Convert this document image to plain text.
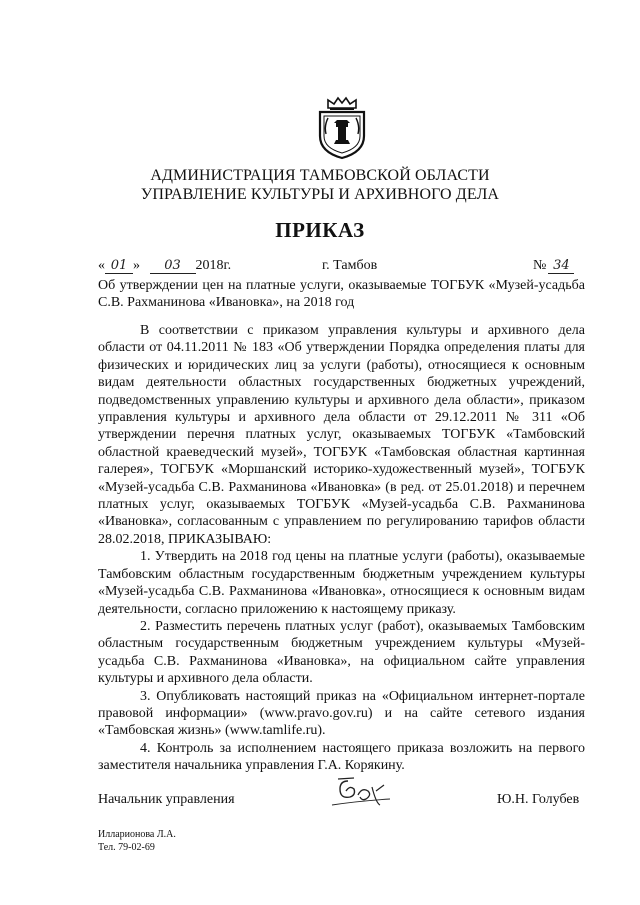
АДМИНИСТРАЦИЯ ТАМБОВСКОЙ ОБЛАСТИ
УПРАВЛЕНИЕ КУЛЬТУРЫ И АРХИВНОГО ДЕЛА
ПРИКАЗ
« 01 » 03 2018г.	г. Тамбов	№ 34
Об утверждении цен на платные услуги, оказываемые ТОГБУК «Музей-усадьба С.В. Рахманинова «Ивановка», на 2018 год

В соответствии с приказом управления культуры и архивного дела области от 04.11.2011 № 183 «Об утверждении Порядка определения платы для физических и юридических лиц за услуги (работы), относящиеся к основным видам деятельности областных государственных бюджетных учреждений, подведомственных управлению культуры и архивного дела области», приказом управления культуры и архивного дела области от 29.12.2011 № 311 «Об утверждении перечня платных услуг, оказываемых ТОГБУК «Тамбовский областной краеведческий музей», ТОГБУК «Тамбовская областная картинная галерея», ТОГБУК «Моршанский историко-художественный музей», ТОГБУК «Музей-усадьба С.В. Рахманинова «Ивановка» (в ред. от 25.01.2018) и перечнем платных услуг, оказываемых ТОГБУК «Музей-усадьба С.В. Рахманинова «Ивановка», согласованным с управлением по регулированию тарифов области 28.02.2018, ПРИКАЗЫВАЮ:

1. Утвердить на 2018 год цены на платные услуги (работы), оказываемые Тамбовским областным государственным бюджетным учреждением культуры «Музей-усадьба С.В. Рахманинова «Ивановка», относящиеся к основным видам деятельности, согласно приложению к настоящему приказу.

2. Разместить перечень платных услуг (работ), оказываемых Тамбовским областным государственным бюджетным учреждением культуры «Музей-усадьба С.В. Рахманинова «Ивановка», на официальном сайте управления культуры и архивного дела области.

3. Опубликовать настоящий приказ на «Официальном интернет-портале правовой информации» (www.pravo.gov.ru) и на сайте сетевого издания «Тамбовская жизнь» (www.tamlife.ru).

4. Контроль за исполнением настоящего приказа возложить на первого заместителя начальника управления Г.А. Корякину.

Начальник управления	Ю.Н. Голубев
Илларионова Л.А.
Тел. 79-02-69
